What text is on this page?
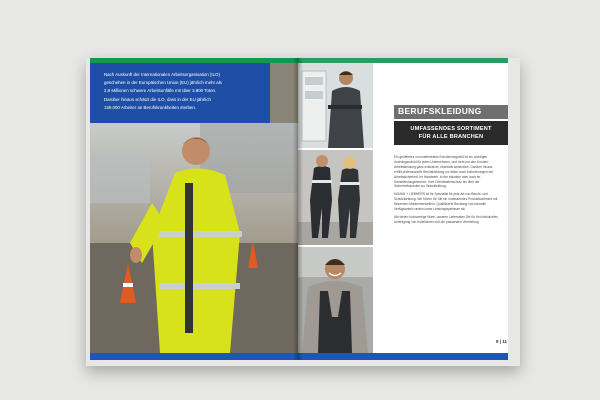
Nach Auskunft der Internationalen Arbeitsorganisation (ILO)

geschehen in der Europäischen Union (EU) jährlich mehr als

2,8 Millionen schwere Arbeitsunfälle mit über 3.800 Toten.

Darüber hinaus schätzt die ILO, dass in der EU jährlich

159.000 Arbeiter an Berufskrankheiten sterben.	BERUFSKLEIDUNG
UMFASSENDES SORTIMENT
FÜR ALLE BRANCHEN

Ein geöffnetes und wetterfestes Erscheinungsbild ist ein wichtiges Aushängeschild für jedes Unternehmen, und nicht nur den Kunden: Arbeitskleidung ganz exklusiver, ebenfalls wesentlich. Darüber hinaus erfüllt professionelle Berufskleidung vor allem auch Anforderungen der Arbeitssicherheit. Im Handwerk, in der Industrie oder auch im Dienstleistungsbereich: Vom Chemikalienschutz bis über die Sicherheitsschuhe zur Warnkleidung.

KAMAN + LIEBHERR ist Ihr Spezialist für jede Art von Berufs- und Schutzkleidung. Wir führen für Sie ein umfassendes Produktsortiment mit führenden Markenherstellern. Qualifizierte Beratung und schnelle Verfügbarkeit runden unser Leistungsspektrum ab.

Wir bieten hochwertige Ware, unseren Lieferanten Sie für Ihr individuelles Anfertigung von Kollektionen mit der passenden Veredelung.

9 | 11
